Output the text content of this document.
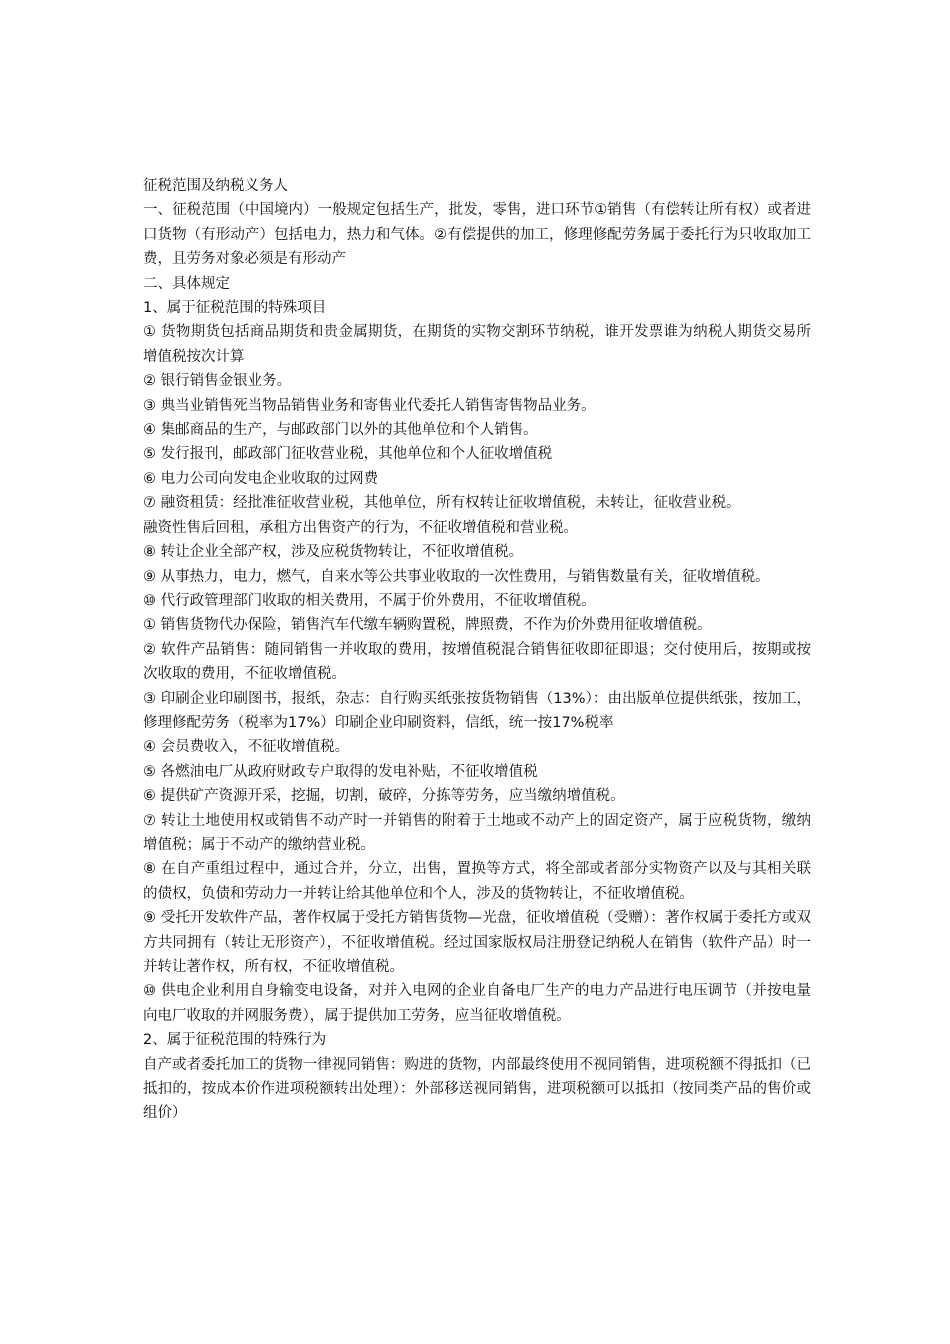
征税范围及纳税义务人

一、征税范围（中国境内）一般规定包括生产，批发，零售，进口环节①销售（有偿转让所有权）或者进口货物（有形动产）包括电力，热力和气体。②有偿提供的加工，修理修配劳务属于委托行为只收取加工费，且劳务对象必须是有形动产

二、具体规定

1、属于征税范围的特殊项目

① 货物期货包括商品期货和贵金属期货，在期货的实物交割环节纳税，谁开发票谁为纳税人期货交易所增值税按次计算

② 银行销售金银业务。

③ 典当业销售死当物品销售业务和寄售业代委托人销售寄售物品业务。

④ 集邮商品的生产，与邮政部门以外的其他单位和个人销售。

⑤ 发行报刊，邮政部门征收营业税，其他单位和个人征收增值税

⑥ 电力公司向发电企业收取的过网费

⑦ 融资租赁：经批准征收营业税，其他单位，所有权转让征收增值税，未转让，征收营业税。

融资性售后回租，承租方出售资产的行为，不征收增值税和营业税。

⑧ 转让企业全部产权，涉及应税货物转让，不征收增值税。

⑨ 从事热力，电力，燃气，自来水等公共事业收取的一次性费用，与销售数量有关，征收增值税。

⑩ 代行政管理部门收取的相关费用，不属于价外费用，不征收增值税。

① 销售货物代办保险，销售汽车代缴车辆购置税，牌照费，不作为价外费用征收增值税。

② 软件产品销售：随同销售一并收取的费用，按增值税混合销售征收即征即退；交付使用后，按期或按次收取的费用，不征收增值税。

③ 印刷企业印刷图书，报纸，杂志：自行购买纸张按货物销售（13%）：由出版单位提供纸张，按加工，修理修配劳务（税率为17%）印刷企业印刷资料，信纸，统一按17%税率

④ 会员费收入，不征收增值税。

⑤ 各燃油电厂从政府财政专户取得的发电补贴，不征收增值税

⑥ 提供矿产资源开采，挖掘，切割，破碎，分拣等劳务，应当缴纳增值税。

⑦ 转让土地使用权或销售不动产时一并销售的附着于土地或不动产上的固定资产，属于应税货物，缴纳增值税；属于不动产的缴纳营业税。

⑧ 在自产重组过程中，通过合并，分立，出售，置换等方式，将全部或者部分实物资产以及与其相关联的债权，负债和劳动力一并转让给其他单位和个人，涉及的货物转让，不征收增值税。

⑨ 受托开发软件产品，著作权属于受托方销售货物—光盘，征收增值税（受赠）：著作权属于委托方或双方共同拥有（转让无形资产），不征收增值税。经过国家版权局注册登记纳税人在销售（软件产品）时一并转让著作权，所有权，不征收增值税。

⑩ 供电企业利用自身输变电设备，对并入电网的企业自备电厂生产的电力产品进行电压调节（并按电量向电厂收取的并网服务费），属于提供加工劳务，应当征收增值税。

2、属于征税范围的特殊行为

自产或者委托加工的货物一律视同销售：购进的货物，内部最终使用不视同销售，进项税额不得抵扣（已抵扣的，按成本价作进项税额转出处理）：外部移送视同销售，进项税额可以抵扣（按同类产品的售价或组价）
